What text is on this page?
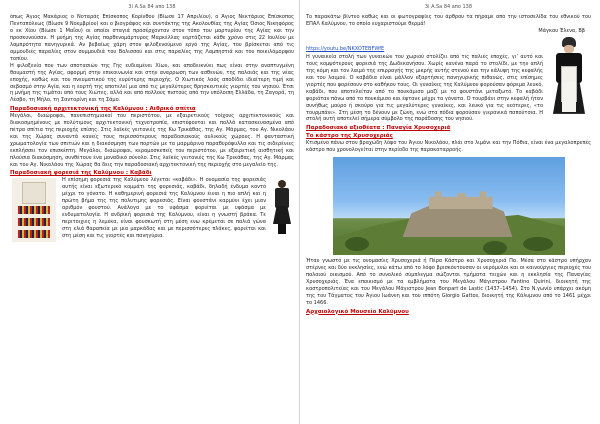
3i A.Sa 84 aπο 138

όπως Άγιος Μακάριος ο Νοταράς Επίσκοπος Κορίνθου (Βίωσε 17 Απριλίου), ο Άγιος Νεκτάριος Επίσκοπος Πενταπόλεως (Βίωσε 9 Νοεμβρίου) και ο βιογράφος και συντάκτης της Ακολουθίας της Αγίας Όσιος Νικηφόρος ο εκ Χίου (Βίωσε 1 Μαΐου) οι οποίοι σταγιά προσέρχονταν στον τόπο του μαρτυρίου της Αγίας και την προσκυνούσαν. Η μνήμη της Αγίας παρθενομάρτυρος Μαρκέλλας εορτάζεται κάθε χρόνο στις 22 Ιουλίου με λαμπρότητα πανηγυρικά. Αν βεβαίως χάρη στον φιλοξενούμενο εργό της Αγίας, του βρίσκεται από τις αμμουδιές παραλίες στον συμμουδιά του Βολισσού και στις παραλίες της Λαμπηστιά και του ποικιλόμορφου τοπίου.

Η φιλοξενία που των αποτασιών της Γης ευδιαμένει Χίων, και αποδεικνύει πως είναι στην αναπτυγμένη θαυμαστή της Αγίας, αφορμή στην επικοινωνία και στην αναρρωση των ασθενών, της παλαιάς και της νέας εποχής, καθώς και του πνευματικού της ευρύτερης περιοχής. Ο Χιωτικός λαός αποδίδει ιδιαίτερη τιμή και σεβασμό στην Αγία, και η εορτή της αποτελεί μια από τις μεγαλύτερες θρησκευτικές γιορτές του νησιού. Έτσι η μνήμη της τιμάται από τους Χιώτες, αλλά και από πολλούς πιστούς από την υπόλοιπη Ελλάδα, τη Ζαγορά, τη Λέσβο, τη Μήλο, τη Σαντορίνη και τη Σάμο.

Παραδοσιακή αρχιτεκτονική της Καλύμνου : Αιθρικό σπίτια

Μεγάλοι, διαώροφοι, πανεπιστημιακοί του περιστότου, με εξαιρετικούς τοίχους αρχιτεκτονικούς και διακοσμημένους με πολύτιμους αρχιτεκτονική τεχνοτροπία, επιστέφονται και πολλά κατασκευασμένα από πέτρα σπίτια της περιοχής επίσης. Στις λαϊκές γειτονιές της Κω Τρικάθας, της Αγ. Μάρμας, του Αγ. Νικολάου και της Χώρας συναντά κανείς τους περισσότερους παραδοσιακούς αυλικούς χώρους. Η φανταστική χρωματολογία των σπιτιών και η διακόσμηση των πορτών με τα μαρμάρινα παραθυρόφυλλα και τις σιδερένιες εκπλήσσει τον επισκέπτη. Μεγάλοι, διαώροφοι, κεραμοσκεπείς του περιστότου, με εξαιρετική αισθητική και πλούσια διακόσμηση, συνθέτουν ένα μοναδικό σύνολο. Στις λαϊκές γειτονιές της Κω Τρικάθας, της Αγ. Μάρμας και του Αγ. Νικολάου της Χώρας θα δεις την παραδοσιακή αρχιτεκτονική της περιοχής στο μεγαλείο της.

Παραδοσιακή φορεσιά της Καλύμνου : Καβάδι

Η επίσημη φορεσιά της Καλύμνου λέγεται «καβάδι». Η ονομασία της φορεσιάς αυτής είναι εξωτερικό κομμάτι της φορεσιάς, καβάδι, δηλαδή ένδυμα κοντό μέχρι το γόνατο. Η καθημερινή φορεσιά της Καλύμνου έιναι η πιο απλή και η πρώτη βήμα της της πολυτιμης φορεσιάς. Είναι φουστάνι καρμύνι έχει μιαν αριθμόν φουστού. Ανάλογα με το υφάσμα φοριέται με υφάσμα με ενδυματολογία. Η ανδρική φορεσιά της Καλύμνου, είναι η γνωστή βράκα. Τε περιτοιχιες η λεμέκα, είναι φουσκωτή στη μέση ενω κρέμεται σε παλιά γώνα στη ελιά θαραπεία με μια μαρκάδας και με περισσότερες πλάκες, φοριέται και στη μέση και τις γιορτές και πανηγύρια.

3i A.Sa 84 aπο 138

Το παρακάτω βίντεο καθώς και οι φωτογραφίες του άρθρου τα πήραμε από την ιστοσελίδα του εθνικού του ΕΠΑΛ Καλύμνου, το οποίο ευχαριστούμε θερμά!

Μάγκαυ Έλενα, Ββ
https://youtu.be/NKXOTEBFWfE

Η γυναικεία στολή των γυναικών του χωριού στολίζει από τις παλιές εποχές, γι’ αυτό και τους κομψότερους φορεσιά της Δωδεκανήσου. Χωρίς κανένα παρά το στολίδι, με την απλή της κόμη και τον λαιμό της επιρραγής της μικρής αυτής στενού και την κάλυψη της κεφαλής και του λαιμού. Ο καβάδια είναι μάλλον εξαρτήσεις πανηγυρικής πιθανώς, στις επίσημες γιορτές που φορέσουν στο καθήκον τους. Οι γυναίκες της Καλύμνου φορούσαν φόρεμα λευκό, καβάδι, που αποτελείταν από το πουκάμισο μαζί με το φουστάνι μεταξωτό. Το καβάδι φοριόταν πάνω από το πουκάμισο και έφτανε μέχρι τα γόνατα. Ο τουρβάνι στην κεφαλή ήταν συνήθως μαύρο ή σκούρο για τις μεγαλύτερες γυναίκες, και λευκό για τις νεότερες, «το τουρμπάνι». Στη μέση το δένουν με ζώνη, ενώ στα πόδια φορούσαν γιερανικά παπούτσια. Η στολή αυτή αποτελεί σήμερα σύμβολο της παράδοσης του νησιού.

Παραδοσιακό αξιοθέατα : Παναγία Χρυσοχεριά
Το κάστρο της Χρυσοχεριάς

Κτισμένο πάνω στον βραχώδη λόφο του Άγιου Νικολάου, πλάι στο λιμάνι και την Πόθια, είναι ένα μεγαλοπρεπές κάστρο που χρονολογείται στην περίοδο της παρακαταρροής.

Ήταν γνωστό με τις ονομασίες Χρυσοχεριά ή Πέρα Κάστρο και Χρυσοχεριά Πα. Μέσα στο κάστρο υπήρχαν στέρνες και δύο εκκλησίες, ενώ κάτω από το λόφο βρισκόντουσαν οι νερόμυλοι και οι καινούργιες περιοχές του παλαιού οικισμού. Από το συνολικό σύμπλεγμα σώζονται τμήματα τειχών και η εκκλησία της Παναγίας Χρυσοχεριάς. Ένα εποικισμό με τα εμβλήματα του Μεγάλου Μάγιστρου Fantino Quirini, διοικητή της καστροπολιτείας και του Μεγάλου Μάγιστρου Jean Bonpart de Lastic (1437–1454). Στο Ν.γωνίο υπάρχει ακόμη της του Τάγματος του Άγιου Ιωάννη και του ιππότη Giorgio Gattos, διοικητή της Κάλυμνου από το 1461 μέχρι το 1466.

Αρχαιολογικό Μουσείο Καλύμνου
